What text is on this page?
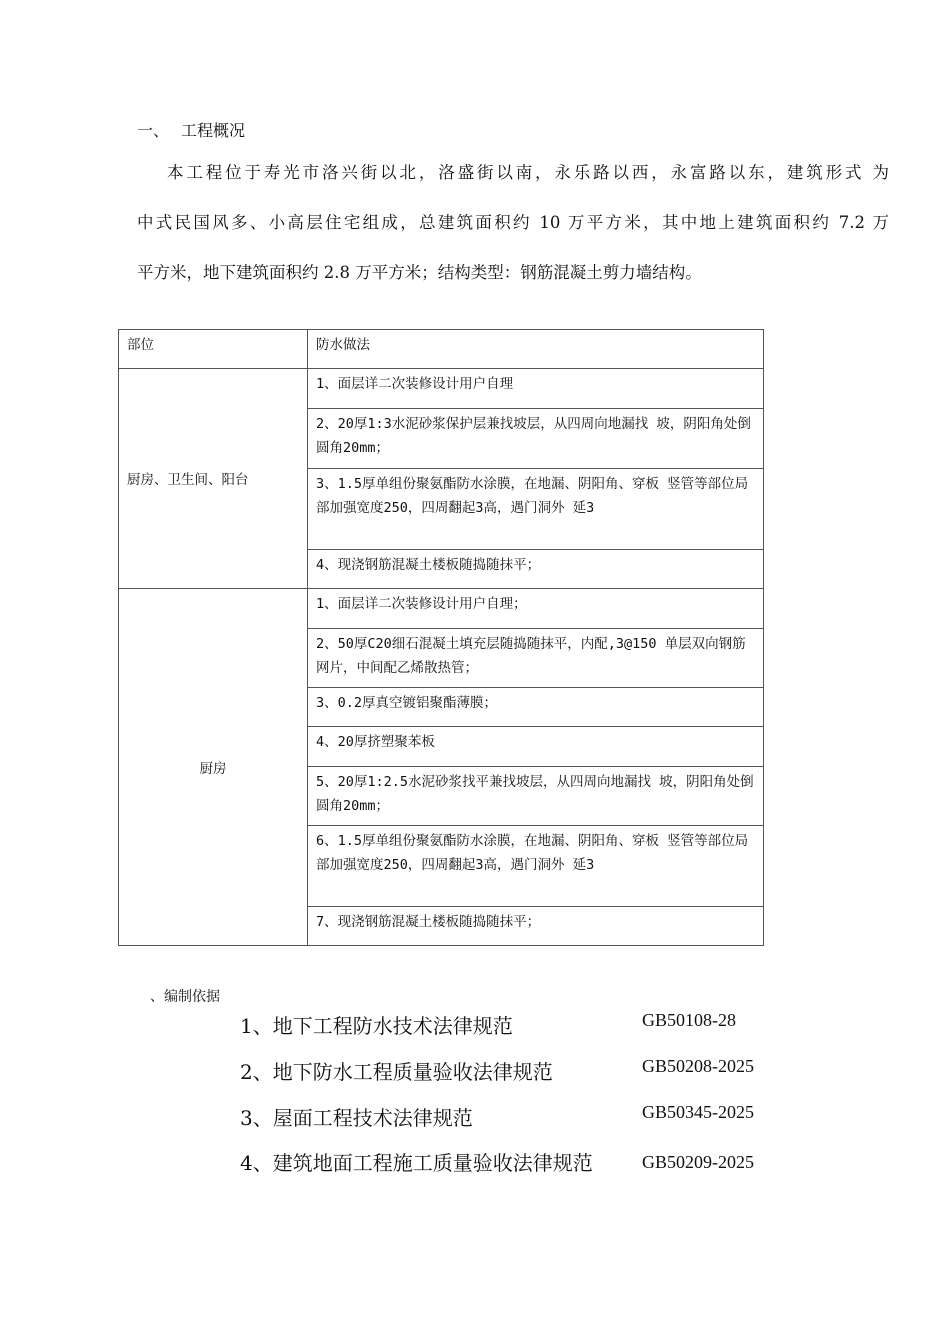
一、 工程概况
本工程位于寿光市洛兴街以北，洛盛街以南，永乐路以西，永富路以东，建筑形式 为
中式民国风多、小高层住宅组成，总建筑面积约 10 万平方米，其中地上建筑面积约 7.2 万
平方米，地下建筑面积约 2.8 万平方米；结构类型：钢筋混凝土剪力墙结构。
部位	防水做法
厨房、卫生间、阳台	1、面层详二次装修设计用户自理
	2、20厚1:3水泥砂浆保护层兼找坡层，从四周向地漏找 坡，阴阳角处倒圆角20mm；
	3、1.5厚单组份聚氨酯防水涂膜，在地漏、阴阳角、穿板 竖管等部位局部加强宽度250，四周翻起3高，遇门洞外 延3
	4、现浇钢筋混凝土楼板随捣随抹平；
厨房	1、面层详二次装修设计用户自理；
	2、50厚C20细石混凝土填充层随捣随抹平，内配,3@150 单层双向钢筋网片，中间配乙烯散热管；
	3、0.2厚真空镀铝聚酯薄膜；
	4、20厚挤塑聚苯板
	5、20厚1:2.5水泥砂浆找平兼找坡层，从四周向地漏找 坡，阴阳角处倒圆角20mm；
	6、1.5厚单组份聚氨酯防水涂膜，在地漏、阴阳角、穿板 竖管等部位局部加强宽度250，四周翻起3高，遇门洞外 延3
	7、现浇钢筋混凝土楼板随捣随抹平；
、编制依据
1、地下工程防水技术法律规范	GB50108-28
2、地下防水工程质量验收法律规范	GB50208-2025
3、屋面工程技术法律规范	GB50345-2025
4、建筑地面工程施工质量验收法律规范	GB50209-2025
